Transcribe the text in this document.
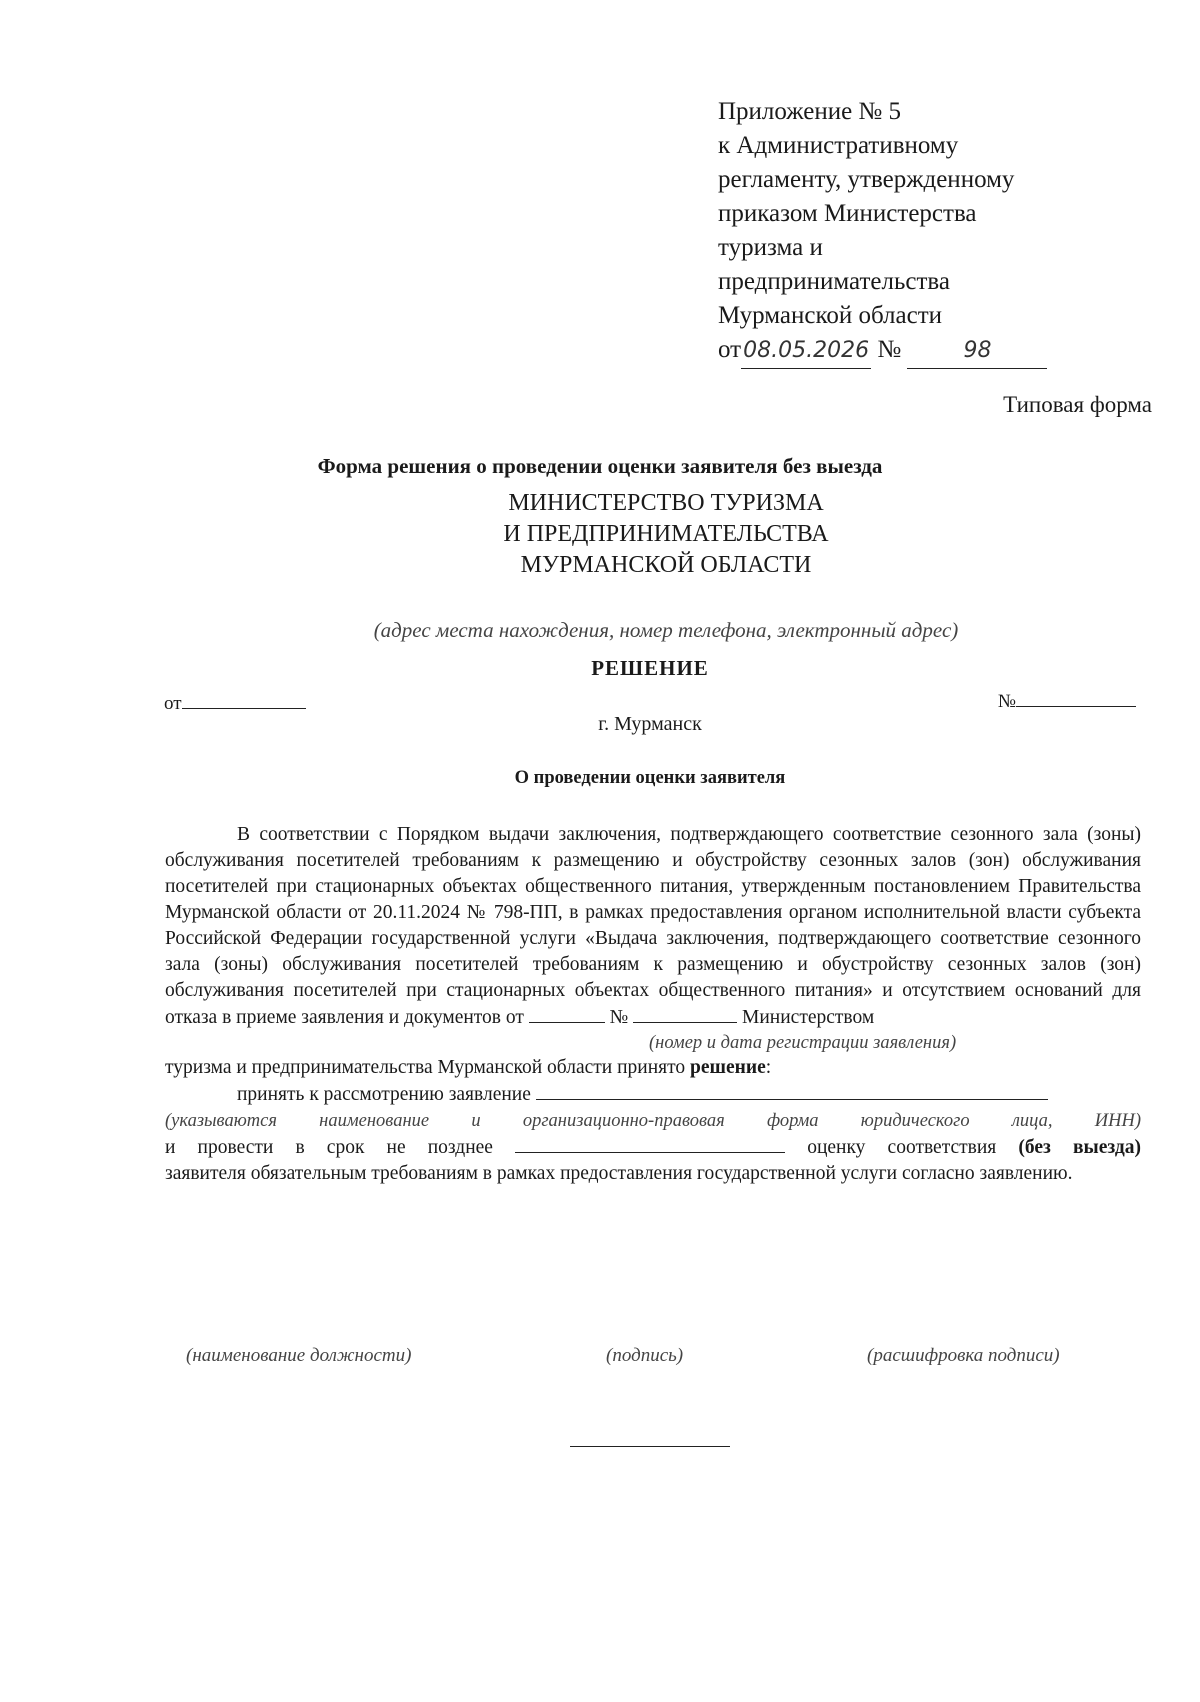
Приложение № 5
к Административному
регламенту, утвержденному
приказом Министерства
туризма и
предпринимательства
Мурманской области
от08.05.2026 №	98
Типовая форма
Форма решения о проведении оценки заявителя без выезда
МИНИСТЕРСТВО ТУРИЗМА
И ПРЕДПРИНИМАТЕЛЬСТВА
МУРМАНСКОЙ ОБЛАСТИ
(адрес места нахождения, номер телефона, электронный адрес)
РЕШЕНИЕ
от	№
г. Мурманск
О проведении оценки заявителя

В соответствии с Порядком выдачи заключения, подтверждающего соответствие сезонного зала (зоны) обслуживания посетителей требованиям к размещению и обустройству сезонных залов (зон) обслуживания посетителей при стационарных объектах общественного питания, утвержденным постановлением Правительства Мурманской области от 20.11.2024 № 798-ПП, в рамках предоставления органом исполнительной власти субъекта Российской Федерации государственной услуги «Выдача заключения, подтверждающего соответствие сезонного зала (зоны) обслуживания посетителей требованиям к размещению и обустройству сезонных залов (зон) обслуживания посетителей при стационарных объектах общественного питания» и отсутствием оснований для отказа в приеме заявления и документов от	№	Министерством

(номер и дата регистрации заявления)

туризма и предпринимательства Мурманской области принято решение:

принять к рассмотрению заявление

(указываются наименование и организационно-правовая форма юридического лица, ИНН)

и провести в срок не позднее	оценку соответствия (без выезда)

заявителя обязательным требованиям в рамках предоставления государственной услуги согласно заявлению.

(наименование должности)	(подпись)	(расшифровка подписи)
